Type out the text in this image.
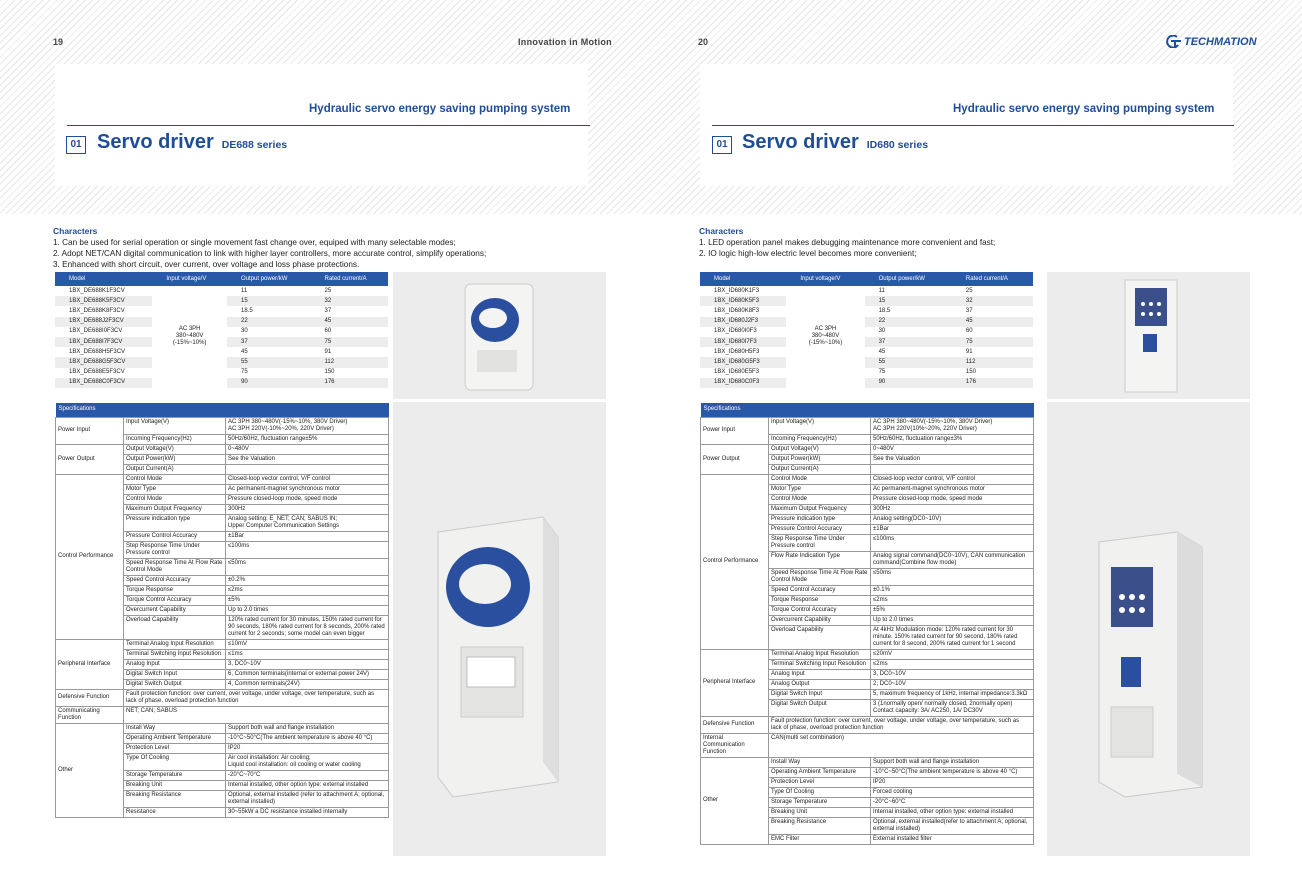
19	Innovation in Motion	20	TECHMATION
Hydraulic servo energy saving pumping system
01 Servo driver DE688 series
Hydraulic servo energy saving pumping system
01 Servo driver ID680 series
Characters
1. Can be used for serial operation or single movement fast change over, equiped with many selectable modes;
2. Adopt NET/CAN digital communication to link with higher layer controllers, more accurate control, simplify operations;
3. Enhanced with short circuit, over current, over voltage and loss phase protections.
Characters
1. LED operation panel makes debugging maintenance more convenient and fast;
2. IO logic high-low electric level becomes more convenient;
Model	Input voltage/V	Output power/kW	Rated current/A
1BX_DE688K1F3CV	AC 3PH
380~480V
(-15%~10%)	11	25
1BX_DE688K5F3CV		15	32
1BX_DE688K8F3CV		18.5	37
1BX_DE688J2F3CV		22	45
1BX_DE688I0F3CV		30	60
1BX_DE688I7F3CV		37	75
1BX_DE688H5F3CV		45	91
1BX_DE688G5F3CV		55	112
1BX_DE688E5F3CV		75	150
1BX_DE688C0F3CV		90	176
Model	Input voltage/V	Output power/kW	Rated current/A
1BX_ID680K1F3	AC 3PH
380~480V
(-15%~10%)	11	25
1BX_ID680K5F3		15	32
1BX_ID680K8F3		18.5	37
1BX_ID680J2F3		22	45
1BX_ID680I0F3		30	60
1BX_ID680I7F3		37	75
1BX_ID680H5F3		45	91
1BX_ID680G5F3		55	112
1BX_ID680E5F3		75	150
1BX_ID680C0F3		90	176
Specifications		
Power Input	Input Voltage(V)	AC 3PH 380~480V(-15%~10%, 380V Driver)
AC 3PH 220V(-10%~20%, 220V Driver)
	Incoming Frequency(Hz)	50Hz/60Hz, fluctuation range±5%
Power Output	Output Voltage(V)	0~480V
	Output Power(kW)	See the Valuation
	Output Current(A)	
Control Performance	Control Mode	Closed-loop vector control, V/F control
	Motor Type	Ac permanent-magnet synchronous motor
	Control Mode	Pressure closed-loop mode, speed mode
	Maximum Output Frequency	300Hz
	Pressure indication type	Analog setting: E_NET; CAN; SABUS IN;
Upper Computer Communication Settings
	Pressure Control Accuracy	±1Bar
	Step Response Time Under Pressure control	≤100ms
	Speed Response Time At Flow Rate Control Mode	≤50ms
	Speed Control Accuracy	±0.2%
	Torque Response	≤2ms
	Torque Control Accuracy	±5%
	Overcurrent Capability	Up to 2.0 times
	Overload Capability	120% rated current for 30 minutes, 150% rated current for 90 seconds, 180% rated current for 8 seconds, 200% rated current for 2 seconds; some model can even bigger
Peripheral Interface	Terminal Analog Input Resolution	≤10mV
	Terminal Switching Input Resolution	≤1ms
	Analog Input	3, DC0~10V
	Digital Switch Input	6, Common terminals(internal or external power 24V)
	Digital Switch Output	4, Common terminals(24V)
Defensive Function	Fault protection function: over current, over voltage, under voltage, over temperature, such as lack of phase, overload protection function	
Communicating Function	NET; CAN; SABUS	
Other	Install Way	Support both wall and flange installation
	Operating Ambient Temperature	-10°C~50°C(The ambient temperature is above 40 °C)
	Protection Level	IP20
	Type Of Cooling	Air cool installation: Air cooling;
Liquid cool installation: oil cooling or water cooling
	Storage Temperature	-20°C~70°C
	Breaking Unit	Internal installed, other option type: external installed
	Breaking Resistance	Optional, external installed (refer to attachment A; optional, external installed)
	Resistance	30~55kW a DC resistance installed internally
Specifications		
Power Input	Input Voltage(V)	AC 3PH 380~480V(-15%~10%, 380V Driver)
AC 3PH 220V(10%~20%, 220V Driver)
	Incoming Frequency(Hz)	50Hz/60Hz, fluctuation range±3%
Power Output	Output Voltage(V)	0~480V
	Output Power(kW)	See the Valuation
	Output Current(A)	
Control Performance	Control Mode	Closed-loop vector control, V/F control
	Motor Type	Ac permanent-magnet synchronous motor
	Control Mode	Pressure closed-loop mode, speed mode
	Maximum Output Frequency	300Hz
	Pressure indication type	Analog setting(DC0~10V)
	Pressure Control Accuracy	±1Bar
	Step Response Time Under Pressure control	≤100ms
	Flow Rate Indication Type	Analog signal command(DC0~10V), CAN communication command(Combine flow mode)
	Speed Response Time At Flow Rate Control Mode	≤50ms
	Speed Control Accuracy	±0.1%
	Torque Response	≤2ms
	Torque Control Accuracy	±5%
	Overcurrent Capability	Up to 2.0 times
	Overload Capability	At 4kHz Modulation mode: 120% rated current for 30 minute. 150% rated current for 90 second, 180% rated current for 8 second, 200% rated current for 1 second
Peripheral Interface	Terminal Analog Input Resolution	≤20mV
	Terminal Switching Input Resolution	≤2ms
	Analog Input	3, DC0~10V
	Analog Output	2, DC0~10V
	Digital Switch Input	5, maximum frequency of 1kHz, internal impedance:3.3kΩ
	Digital Switch Output	3 (1normally open/ normally closed, 2normally open)
Contact capacity: 3A/ AC250, 1A/ DC30V
Defensive Function	Fault protection function: over current, over voltage, under voltage, over temperature, such as lack of phase, overload protection function	
Internal Communication Function	CAN(multi set combination)	
Other	Install Way	Support both wall and flange installation
	Operating Ambient Temperature	-10°C~50°C(The ambient temperature is above 40 °C)
	Protection Level	IP20
	Type Of Cooling	Forced cooling
	Storage Temperature	-20°C~60°C
	Breaking Unit	Internal installed, other option type: external installed
	Breaking Resistance	Optional, external installed(refer to attachment A; optional, external installed)
	EMC Filter	External installed filter
